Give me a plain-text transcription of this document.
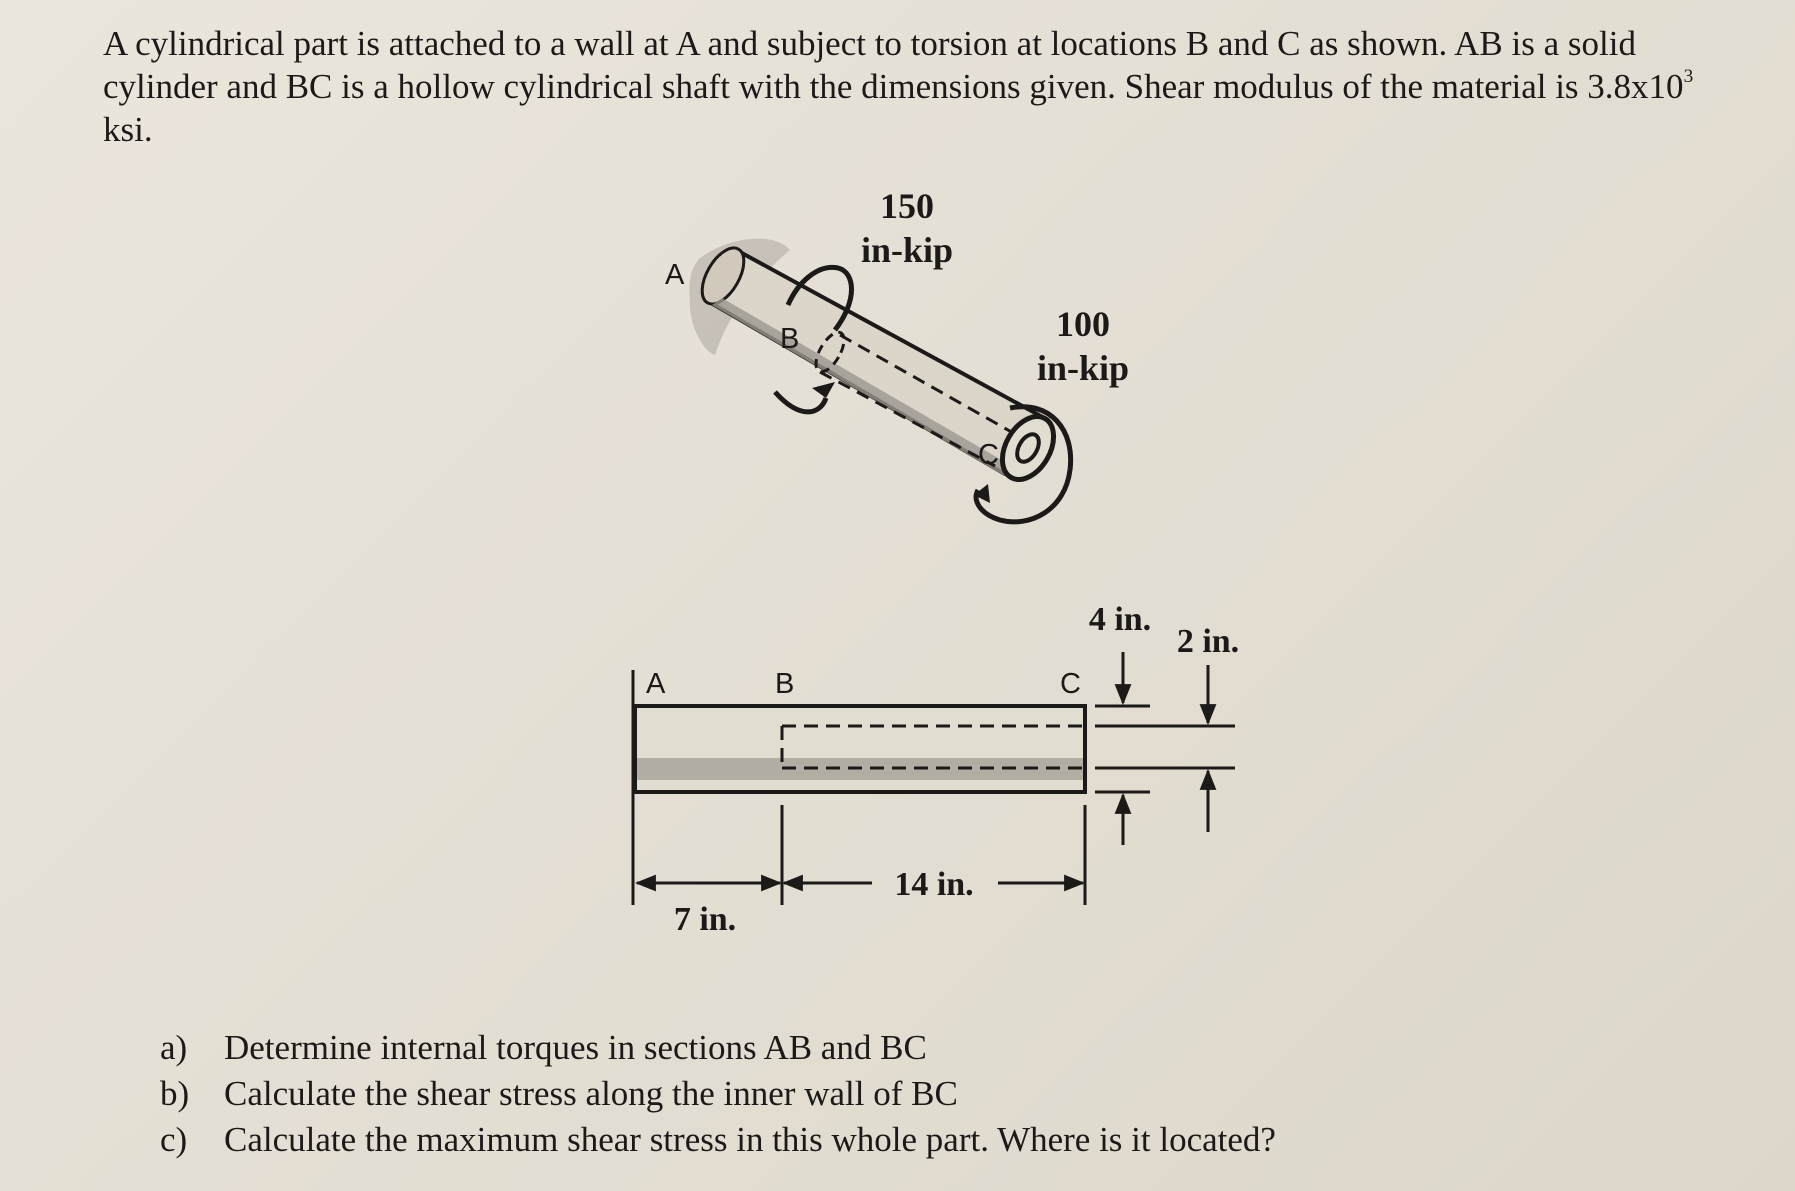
A cylindrical part is attached to a wall at A and subject to torsion at locations B and C as shown. AB is a solid cylinder and BC is a hollow cylindrical shaft with the dimensions given. Shear modulus of the material is $3.8x10^3$ ksi.

A
B
C
150
in-kip
100
in-kip
A	B	C
7 in.
14 in.
4 in.
2 in.
a)	Determine internal torques in sections AB and BC
b) Calculate the shear stress along the inner wall of BC
c)	Calculate the maximum shear stress in this whole part. Where is it located?
